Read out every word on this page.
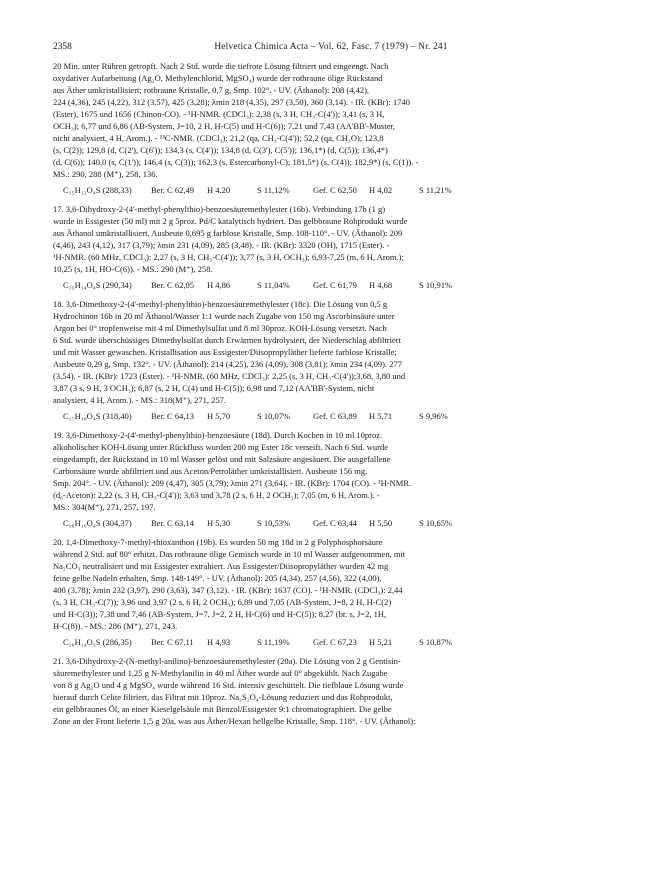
2358	Helvetica Chimica Acta – Vol. 62, Fasc. 7 (1979) – Nr. 241
20 Min. unter Rühren getropft. Nach 2 Std. wurde die tiefrote Lösung filtriert und eingeengt. Nach
oxydativer Aufarbeitung (Ag₂O, Methylenchlorid, MgSO₄) wurde der rotbraune ölige Rückstand
aus Äther umkristallisiert; rotbraune Kristalle, 0,7 g, Smp. 102°. - UV. (Äthanol): 208 (4,42),
224 (4,36), 245 (4,22), 312 (3,57), 425 (3,28); λmin 218 (4,35), 297 (3,50), 360 (3,14). - IR. (KBr): 1740
(Ester), 1675 und 1656 (Chinon-CO). - ¹H-NMR. (CDCl₃): 2,38 (s, 3 H, CH₃-C(4')); 3,41 (s, 3 H,
OCH₃); 6,77 und 6,86 (AB-System, J=10, 2 H, H-C(5) und H-C(6)); 7,21 und 7,43 (AA'BB'-Muster,
nicht analysiert, 4 H, Arom.). - ¹³C-NMR. (CDCl₃): 21,2 (qa, CH₃-C(4')); 52,2 (qa, CH₃O); 123,8
(s, C(2)); 129,8 (d, C(2'), C(6')); 134,3 (s, C(4')); 134,8 (d, C(3'), C(5')); 136,1*) (d, C(5)); 136,4*)
(d, C(6)); 140,0 (s, C(1')); 146,4 (s, C(3)); 162,3 (s, Estercarbonyl-C); 181,5*) (s, C(4)); 182,9*) (s, C(1)). -
MS.: 290, 288 (M⁺), 258, 136.
C₁₅H₁₂O₄S (288,33) Ber. C 62,49 H 4,20	S 11,12%	Gef. C 62,50 H 4,02	S 11,21%
17. 3,6-Dihydroxy-2-(4'-methyl-phenylthio)-benzoesäuremethylester (16b). Verbindung 17b (1 g)
wurde in Essigester (50 ml) mit 2 g 5proz. Pd/C katalytisch hydriert. Das gelbbraune Rohprodukt wurde
aus Äthanol umkristallisiert. Ausbeute 0,695 g farblose Kristalle, Smp. 108-110°. - UV. (Äthanol): 209
(4,46), 243 (4,12), 317 (3,79); λmin 231 (4,09), 285 (3,48). - IR. (KBr): 3320 (OH), 1715 (Ester). -
¹H-NMR. (60 MHz, CDCl₃): 2,27 (s, 3 H, CH₃-C(4')); 3,77 (s, 3 H, OCH₃); 6,93-7,25 (m, 6 H, Arom.);
10,25 (s, 1H, HO-C(6)). - MS.: 290 (M⁺), 258.
C₁₅H₁₄O₄S (290,34) Ber. C 62,05 H 4,86	S 11,04%	Gef. C 61,79 H 4,68	S 10,91%
18. 3,6-Dimethoxy-2-(4'-methyl-phenylthio)-benzoesäuremethylester (18c). Die Lösung von 0,5 g
Hydrochinon 16b in 20 ml Äthanol/Wasser 1:1 wurde nach Zugabe von 150 mg Ascorbinsäure unter
Argon bei 0° tropfenweise mit 4 ml Dimethylsulfat und 8 ml 30proz. KOH-Lösung versetzt. Nach
6 Std. wurde überschüssiges Dimethylsulfat durch Erwärmen hydrolysiert, der Niederschlag abfiltriert
und mit Wasser gewaschen. Kristallisation aus Essigester/Diisopropyläther lieferte farblose Kristalle;
Ausbeute 0,29 g, Smp. 132°. - UV. (Äthanol): 214 (4,25), 236 (4,09), 308 (3,81); λmin 234 (4,09). 277
(3.54). - IR. (KBr): 1723 (Ester). - ¹H-NMR. (60 MHz, CDCl₃): 2,25 (s, 3 H, CH₃-C(4'));3,68, 3,80 und
3,87 (3 s, 9 H, 3 OCH₃); 6,87 (s, 2 H, C(4) und H-C(5)); 6,98 und 7,12 (AA'BB'-System, nicht
analysiert, 4 H, Arom.). - MS.: 318(M⁺), 271, 257.
C₁₇H₁₈O₄S (318,40) Ber. C 64,13 H 5,70	S 10,07%	Gef. C 63,89 H 5,71	S 9,96%
19. 3,6-Dimethoxy-2-(4'-methyl-phenylthio)-benzoesäure (18d). Durch Kochen in 10 ml 10proz.
alkoholischer KOH-Lösung unter Rückfluss wurden 200 mg Ester 18c verseift. Nach 6 Std. wurde
eingedampft, der Rückstand in 10 ml Wasser gelöst und mit Salzsäure angesäuert. Die ausgefallene
Carbonsäure wurde abfiltriert und aus Aceton/Petroläther umkristallisiert. Ausbeute 156 mg,
Smp. 204°. - UV. (Äthanol): 209 (4,47), 305 (3,79); λmin 271 (3,64). - IR. (KBr): 1704 (CO). - ¹H-NMR.
(d₆-Aceton): 2,22 (s, 3 H, CH₃-C(4')); 3,63 und 3,78 (2 s, 6 H, 2 OCH₃); 7,05 (m, 6 H, Arom.). -
MS.: 304(M⁺), 271, 257, 197.
C₁₆H₁₆O₄S (304,37) Ber. C 63,14 H 5,30	S 10,53%	Gef. C 63,44 H 5,50	S 10,65%
20. 1,4-Dimethoxy-7-methyl-thioxanthon (19b). Es wurden 50 mg 18d in 2 g Polyphosphorsäure
während 2 Std. auf 80° erhitzt. Das rotbraune ölige Gemisch wurde in 10 ml Wasser aufgenommen, mit
Na₂CO₃ neutralisiert und mit Essigester extrahiert. Aus Essigester/Diisopropyläther wurden 42 mg
feine gelbe Nadeln erhalten, Smp. 148-149°. - UV. (Äthanol): 205 (4,34), 257 (4,56), 322 (4,00),
400 (3,78); λmin 232 (3,97), 290 (3,63), 347 (3,12). - IR. (KBr): 1637 (CO). - ¹H-NMR. (CDCl₃): 2,44
(s, 3 H, CH₃-C(7)); 3,96 und 3,97 (2 s, 6 H, 2 OCH₃); 6,89 und 7,05 (AB-System, J=8, 2 H, H-C(2)
und H-C(3)); 7,38 und 7,46 (AB-System, J=7, J=2, 2 H, H-C(6) und H-C(5)); 8,27 (br. s, J=2, 1H,
H-C(8)). - MS.: 286 (M⁺), 271, 243.
C₁₆H₁₄O₃S (286,35) Ber. C 67,11 H 4,93	S 11,19%	Gef. C 67,23 H 5,21	S 10,87%
21. 3,6-Dihydroxy-2-(N-methyl-anilino)-benzoesäuremethylester (20a). Die Lösung von 2 g Gentisin-
säuremethylester und 1,25 g N-Methylanilin in 40 ml Äther wurde auf 0° abgekühlt. Nach Zugabe
von 8 g Ag₂O und 4 g MgSO₄ wurde während 16 Std. intensiv geschüttelt. Die tiefblaue Lösung wurde
hierauf durch Celite filtriert, das Filtrat mit 10proz. Na₂S₂O₄-Lösung reduziert und das Rohprodukt,
ein gelbbraunes Öl, an einer Kieselgelsäule mit Benzol/Essigester 9:1 chromatographiert. Die gelbe
Zone an der Front lieferte 1,5 g 20a, was aus Äther/Hexan hellgelbe Kristalle, Smp. 118°. - UV. (Äthanol):
